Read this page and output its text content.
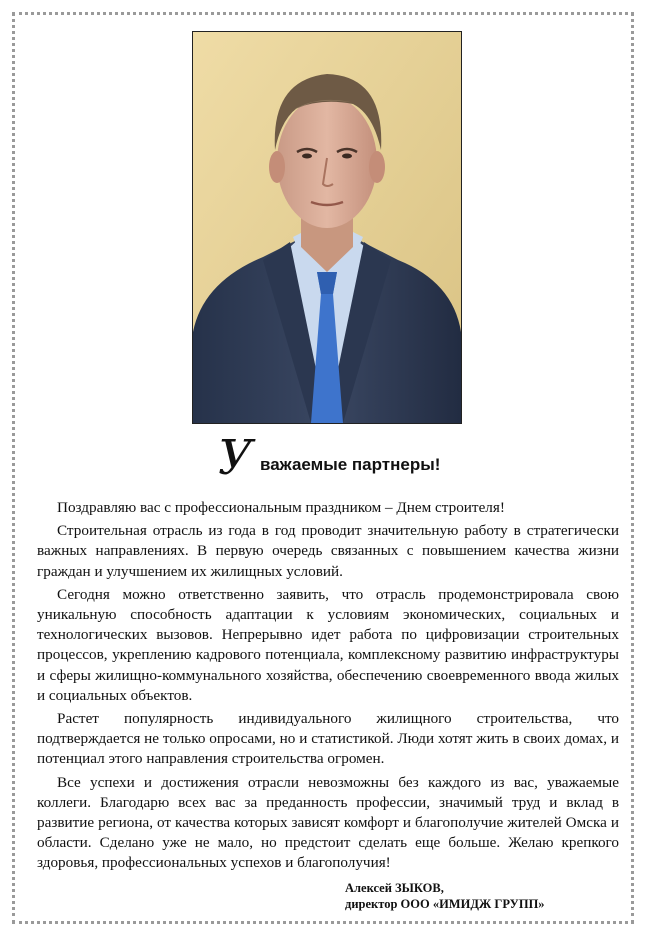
У важаемые партнеры!

Поздравляю вас с профессиональным праздником – Днем строителя!

Строительная отрасль из года в год проводит значительную работу в стратегически важных направлениях. В первую очередь связанных с повышением качества жизни граждан и улучшением их жилищных условий.

Сегодня можно ответственно заявить, что отрасль продемонстрировала свою уникальную способность адаптации к условиям экономических, социальных и технологических вызовов. Непрерывно идет работа по цифровизации строительных процессов, укреплению кадрового потенциала, комплексному развитию инфраструктуры и сферы жилищно-коммунального хозяйства, обеспечению своевременного ввода жилых и социальных объектов.

Растет популярность индивидуального жилищного строительства, что подтверждается не только опросами, но и статистикой. Люди хотят жить в своих домах, и потенциал этого направления строительства огромен.

Все успехи и достижения отрасли невозможны без каждого из вас, уважаемые коллеги. Благодарю всех вас за преданность профессии, значимый труд и вклад в развитие региона, от качества которых зависят комфорт и благополучие жителей Омска и области. Сделано уже не мало, но предстоит сделать еще больше. Желаю крепкого здоровья, профессиональных успехов и благополучия!

Алексей ЗЫКОВ,
директор ООО «ИМИДЖ ГРУПП»
